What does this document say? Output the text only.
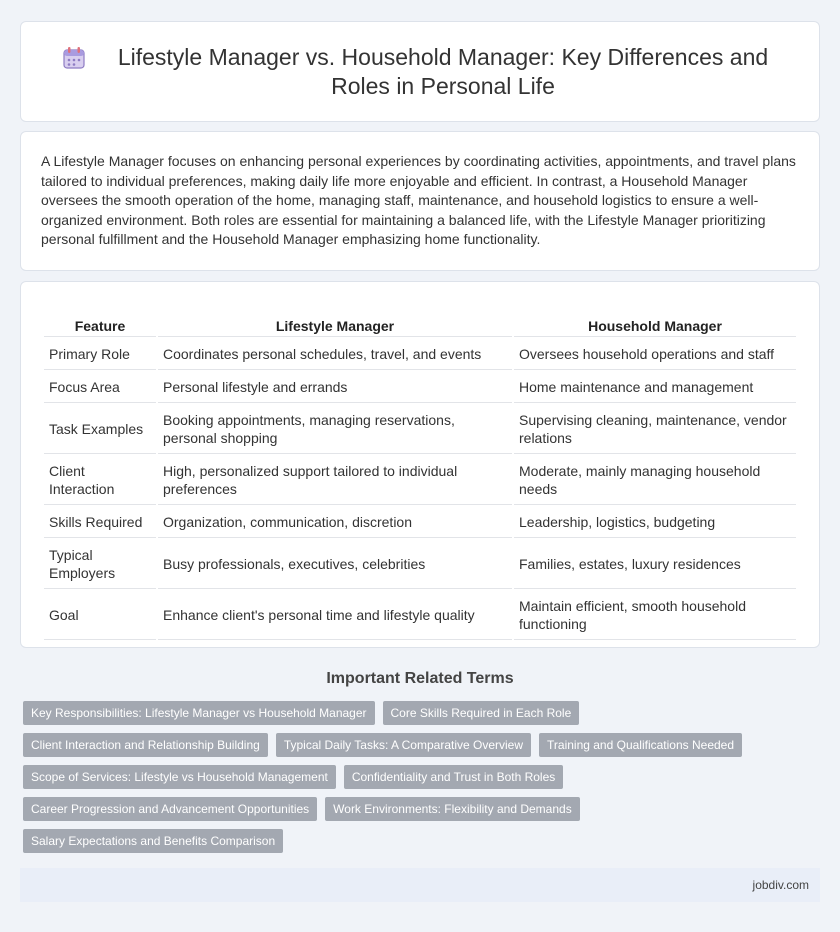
Lifestyle Manager vs. Household Manager: Key Differences and Roles in Personal Life

A Lifestyle Manager focuses on enhancing personal experiences by coordinating activities, appointments, and travel plans tailored to individual preferences, making daily life more enjoyable and efficient. In contrast, a Household Manager oversees the smooth operation of the home, managing staff, maintenance, and household logistics to ensure a well-organized environment. Both roles are essential for maintaining a balanced life, with the Lifestyle Manager prioritizing personal fulfillment and the Household Manager emphasizing home functionality.

Feature	Lifestyle Manager	Household Manager
Primary Role	Coordinates personal schedules, travel, and events	Oversees household operations and staff
Focus Area	Personal lifestyle and errands	Home maintenance and management
Task Examples	Booking appointments, managing reservations, personal shopping	Supervising cleaning, maintenance, vendor relations
Client Interaction	High, personalized support tailored to individual preferences	Moderate, mainly managing household needs
Skills Required	Organization, communication, discretion	Leadership, logistics, budgeting
Typical Employers	Busy professionals, executives, celebrities	Families, estates, luxury residences
Goal	Enhance client's personal time and lifestyle quality	Maintain efficient, smooth household functioning
Important Related Terms
Key Responsibilities: Lifestyle Manager vs Household Manager	Core Skills Required in Each Role
Client Interaction and Relationship Building	Typical Daily Tasks: A Comparative Overview	Training and Qualifications Needed
Scope of Services: Lifestyle vs Household Management	Confidentiality and Trust in Both Roles
Career Progression and Advancement Opportunities	Work Environments: Flexibility and Demands
Salary Expectations and Benefits Comparison
jobdiv.com
